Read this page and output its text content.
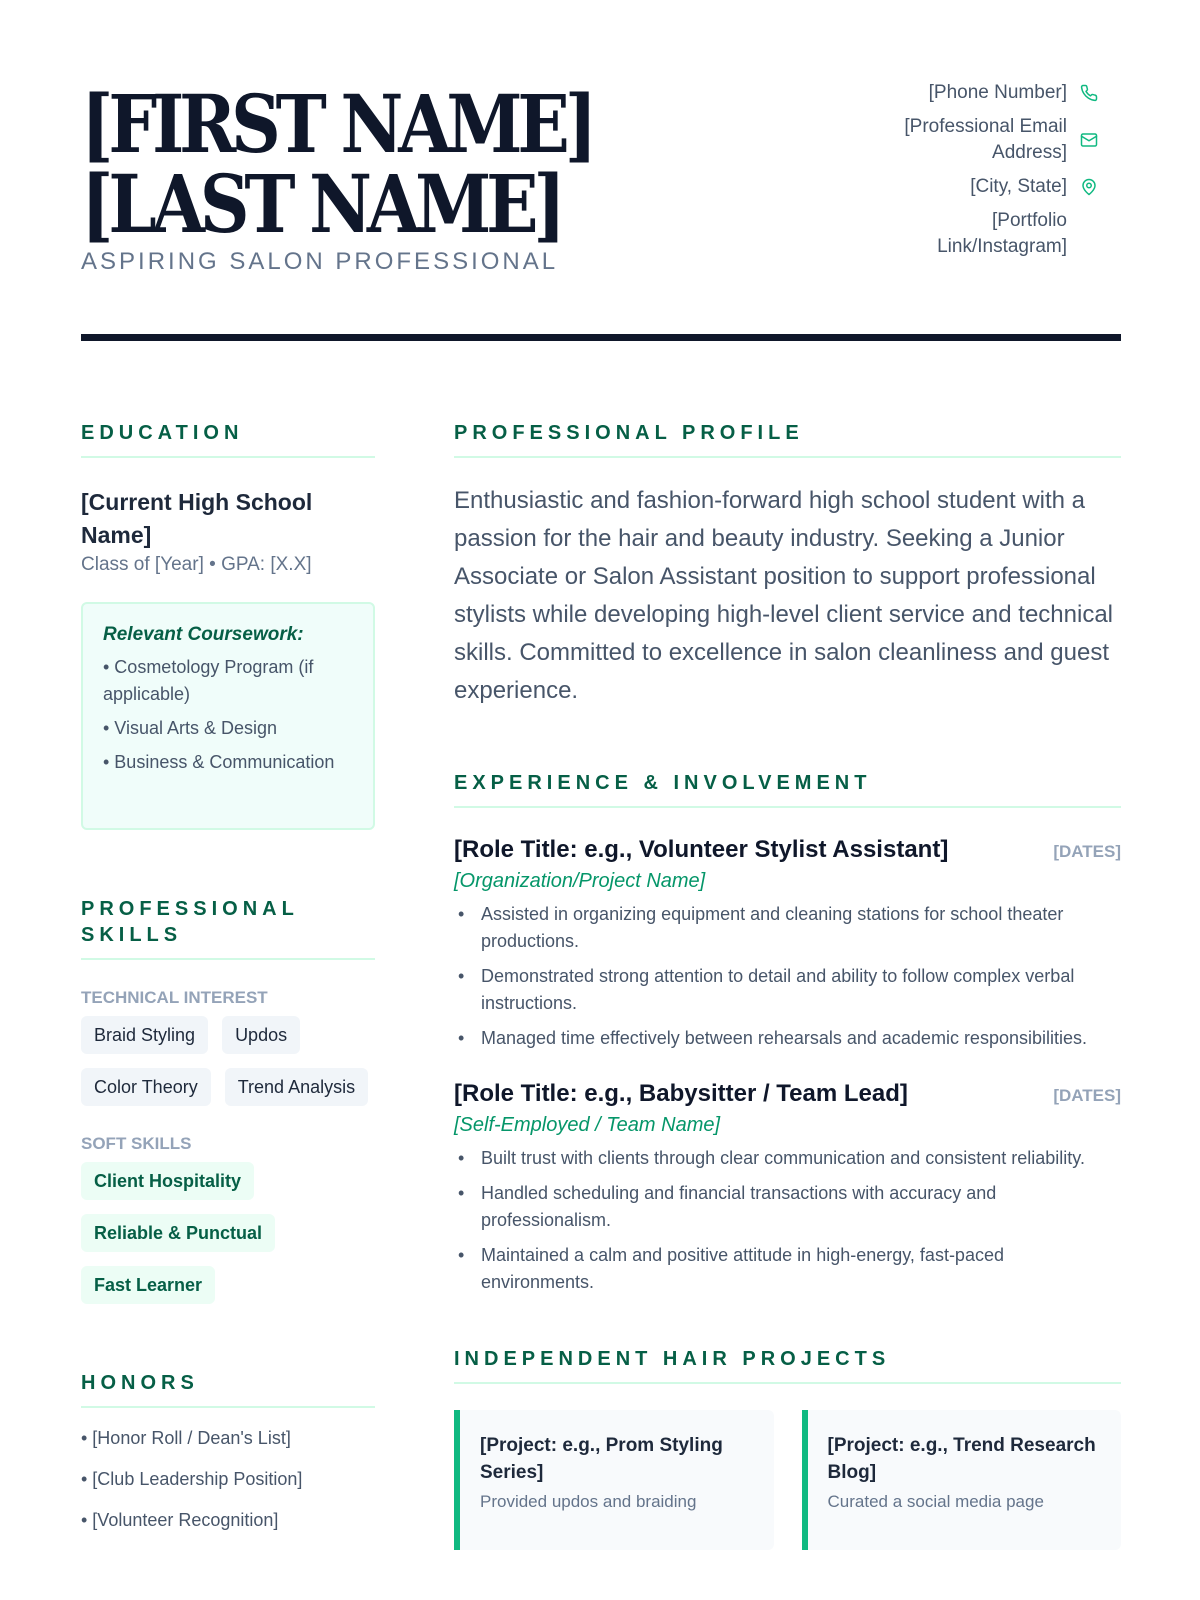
[FIRST NAME] [LAST NAME]
ASPIRING SALON PROFESSIONAL
[Phone Number]
[Professional Email Address]
[City, State]
[Portfolio Link/Instagram]
EDUCATION
[Current High School Name]
Class of [Year] • GPA: [X.X]
Relevant Coursework:
• Cosmetology Program (if applicable)
• Visual Arts & Design
• Business & Communication
PROFESSIONAL SKILLS
TECHNICAL INTEREST
Braid Styling	Updos
Color Theory	Trend Analysis
SOFT SKILLS
Client Hospitality
Reliable & Punctual
Fast Learner
HONORS
• [Honor Roll / Dean's List]
• [Club Leadership Position]
• [Volunteer Recognition]
PROFESSIONAL PROFILE

Enthusiastic and fashion-forward high school student with a passion for the hair and beauty industry. Seeking a Junior Associate or Salon Assistant position to support professional stylists while developing high-level client service and technical skills. Committed to excellence in salon cleanliness and guest experience.

EXPERIENCE & INVOLVEMENT
[Role Title: e.g., Volunteer Stylist Assistant]	[DATES]
[Organization/Project Name]
• Assisted in organizing equipment and cleaning stations for school theater productions.
• Demonstrated strong attention to detail and ability to follow complex verbal instructions.
• Managed time effectively between rehearsals and academic responsibilities.
[Role Title: e.g., Babysitter / Team Lead]	[DATES]
[Self-Employed / Team Name]
• Built trust with clients through clear communication and consistent reliability.
• Handled scheduling and financial transactions with accuracy and professionalism.
• Maintained a calm and positive attitude in high-energy, fast-paced environments.
INDEPENDENT HAIR PROJECTS
[Project: e.g., Prom Styling Series]
Provided updos and braiding
[Project: e.g., Trend Research Blog]
Curated a social media page
